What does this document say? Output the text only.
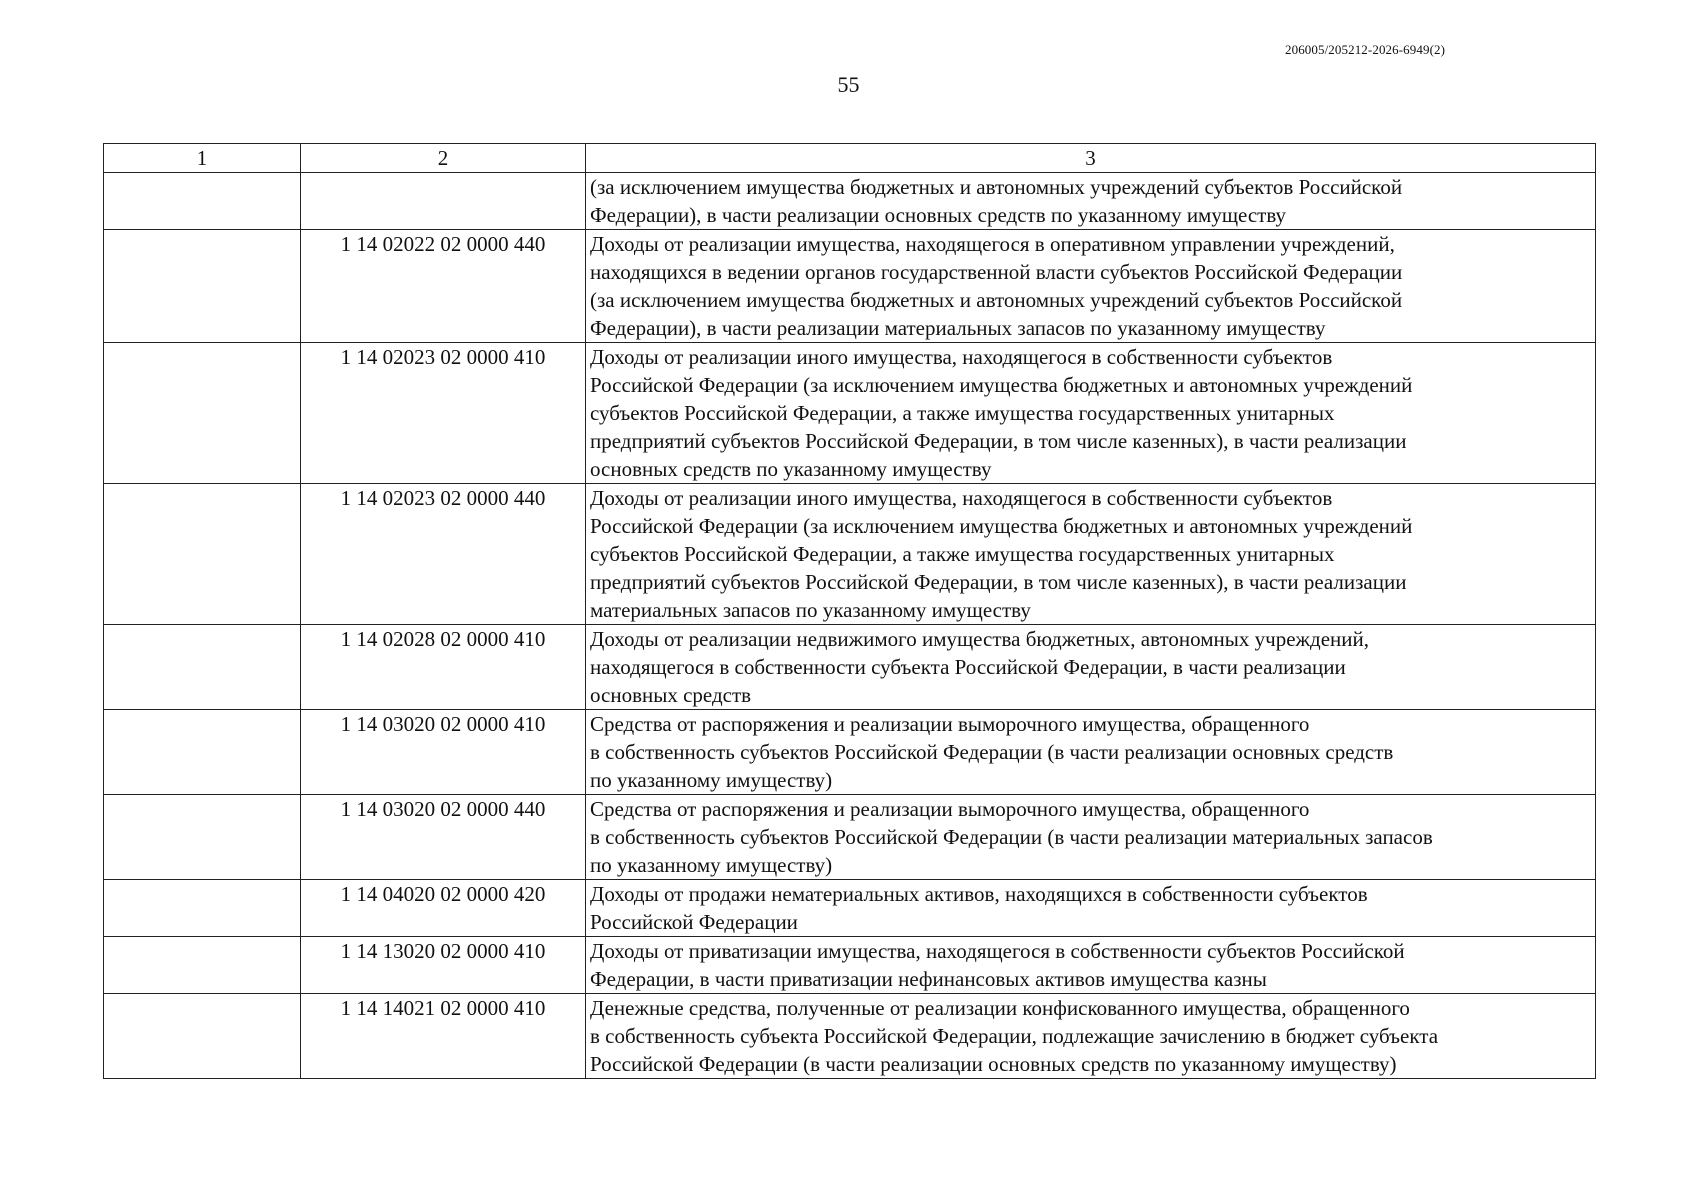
206005/205212-2026-6949(2)
55
1	2	3

		(за исключением имущества бюджетных и автономных учреждений субъектов Российской
Федерации), в части реализации основных средств по указанному имуществу

	1 14 02022 02 0000 440	Доходы от реализации имущества, находящегося в оперативном управлении учреждений,
находящихся в ведении органов государственной власти субъектов Российской Федерации
(за исключением имущества бюджетных и автономных учреждений субъектов Российской
Федерации), в части реализации материальных запасов по указанному имуществу

	1 14 02023 02 0000 410	Доходы от реализации иного имущества, находящегося в собственности субъектов
Российской Федерации (за исключением имущества бюджетных и автономных учреждений
субъектов Российской Федерации, а также имущества государственных унитарных
предприятий субъектов Российской Федерации, в том числе казенных), в части реализации
основных средств по указанному имуществу

	1 14 02023 02 0000 440	Доходы от реализации иного имущества, находящегося в собственности субъектов
Российской Федерации (за исключением имущества бюджетных и автономных учреждений
субъектов Российской Федерации, а также имущества государственных унитарных
предприятий субъектов Российской Федерации, в том числе казенных), в части реализации
материальных запасов по указанному имуществу

	1 14 02028 02 0000 410	Доходы от реализации недвижимого имущества бюджетных, автономных учреждений,
находящегося в собственности субъекта Российской Федерации, в части реализации
основных средств

	1 14 03020 02 0000 410	Средства от распоряжения и реализации выморочного имущества, обращенного
в собственность субъектов Российской Федерации (в части реализации основных средств
по указанному имуществу)

	1 14 03020 02 0000 440	Средства от распоряжения и реализации выморочного имущества, обращенного
в собственность субъектов Российской Федерации (в части реализации материальных запасов
по указанному имуществу)

	1 14 04020 02 0000 420	Доходы от продажи нематериальных активов, находящихся в собственности субъектов
Российской Федерации

	1 14 13020 02 0000 410	Доходы от приватизации имущества, находящегося в собственности субъектов Российской
Федерации, в части приватизации нефинансовых активов имущества казны

	1 14 14021 02 0000 410	Денежные средства, полученные от реализации конфискованного имущества, обращенного
в собственность субъекта Российской Федерации, подлежащие зачислению в бюджет субъекта
Российской Федерации (в части реализации основных средств по указанному имуществу)
